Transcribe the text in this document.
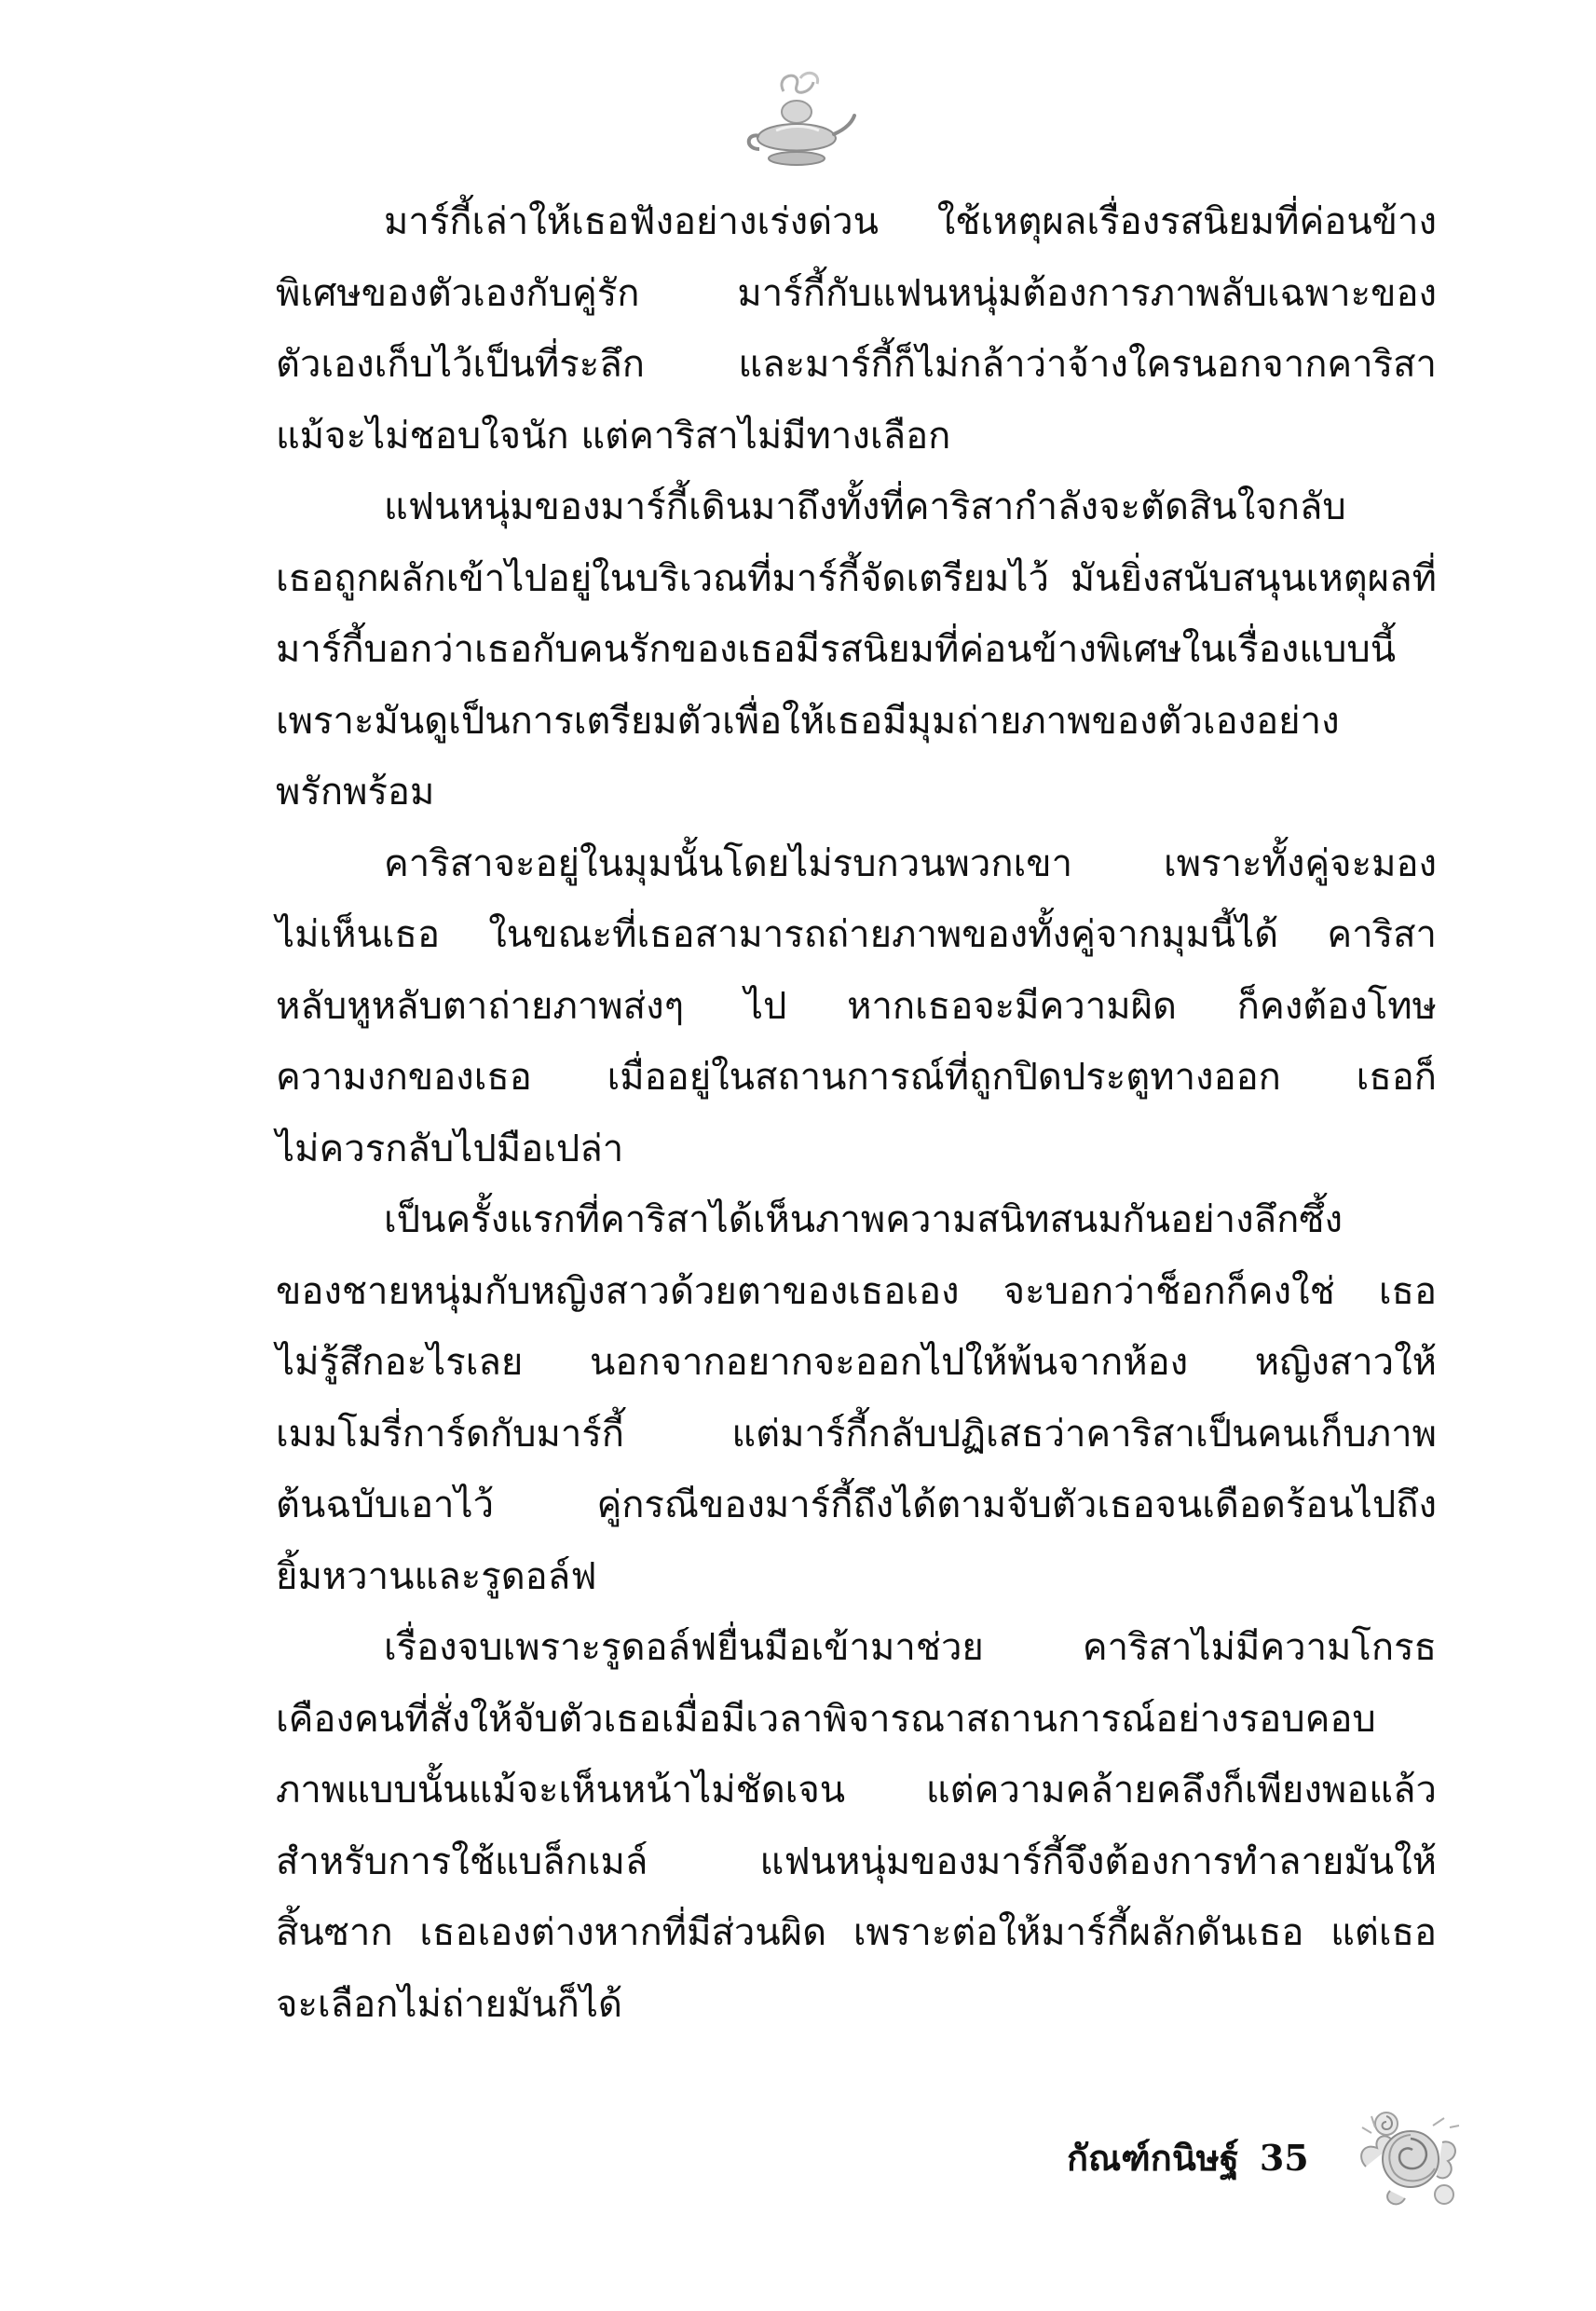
มาร์กี้เล่าให้เธอฟังอย่างเร่งด่วน ใช้เหตุผลเรื่องรสนิยมที่ค่อนข้าง
พิเศษของตัวเองกับคู่รัก มาร์กี้กับแฟนหนุ่มต้องการภาพลับเฉพาะของ
ตัวเองเก็บไว้เป็นที่ระลึก และมาร์กี้ก็ไม่กล้าว่าจ้างใครนอกจากคาริสา
แม้จะไม่ชอบใจนัก แต่คาริสาไม่มีทางเลือก

แฟนหนุ่มของมาร์กี้เดินมาถึงทั้งที่คาริสากำลังจะตัดสินใจกลับ
เธอถูกผลักเข้าไปอยู่ในบริเวณที่มาร์กี้จัดเตรียมไว้ มันยิ่งสนับสนุนเหตุผลที่
มาร์กี้บอกว่าเธอกับคนรักของเธอมีรสนิยมที่ค่อนข้างพิเศษในเรื่องแบบนี้
เพราะมันดูเป็นการเตรียมตัวเพื่อให้เธอมีมุมถ่ายภาพของตัวเองอย่าง
พรักพร้อม

คาริสาจะอยู่ในมุมนั้นโดยไม่รบกวนพวกเขา เพราะทั้งคู่จะมอง
ไม่เห็นเธอ ในขณะที่เธอสามารถถ่ายภาพของทั้งคู่จากมุมนี้ได้ คาริสา
หลับหูหลับตาถ่ายภาพส่งๆ ไป หากเธอจะมีความผิด ก็คงต้องโทษ
ความงกของเธอ เมื่ออยู่ในสถานการณ์ที่ถูกปิดประตูทางออก เธอก็
ไม่ควรกลับไปมือเปล่า

เป็นครั้งแรกที่คาริสาได้เห็นภาพความสนิทสนมกันอย่างลึกซึ้ง
ของชายหนุ่มกับหญิงสาวด้วยตาของเธอเอง จะบอกว่าช็อกก็คงใช่ เธอ
ไม่รู้สึกอะไรเลย นอกจากอยากจะออกไปให้พ้นจากห้อง หญิงสาวให้
เมมโมรี่การ์ดกับมาร์กี้ แต่มาร์กี้กลับปฏิเสธว่าคาริสาเป็นคนเก็บภาพ
ต้นฉบับเอาไว้ คู่กรณีของมาร์กี้ถึงได้ตามจับตัวเธอจนเดือดร้อนไปถึง
ยิ้มหวานและรูดอล์ฟ

เรื่องจบเพราะรูดอล์ฟยื่นมือเข้ามาช่วย คาริสาไม่มีความโกรธ
เคืองคนที่สั่งให้จับตัวเธอเมื่อมีเวลาพิจารณาสถานการณ์อย่างรอบคอบ
ภาพแบบนั้นแม้จะเห็นหน้าไม่ชัดเจน แต่ความคล้ายคลึงก็เพียงพอแล้ว
สำหรับการใช้แบล็กเมล์ แฟนหนุ่มของมาร์กี้จึงต้องการทำลายมันให้
สิ้นซาก เธอเองต่างหากที่มีส่วนผิด เพราะต่อให้มาร์กี้ผลักดันเธอ แต่เธอ
จะเลือกไม่ถ่ายมันก็ได้

กัณฑ์กนิษฐ์ 35
